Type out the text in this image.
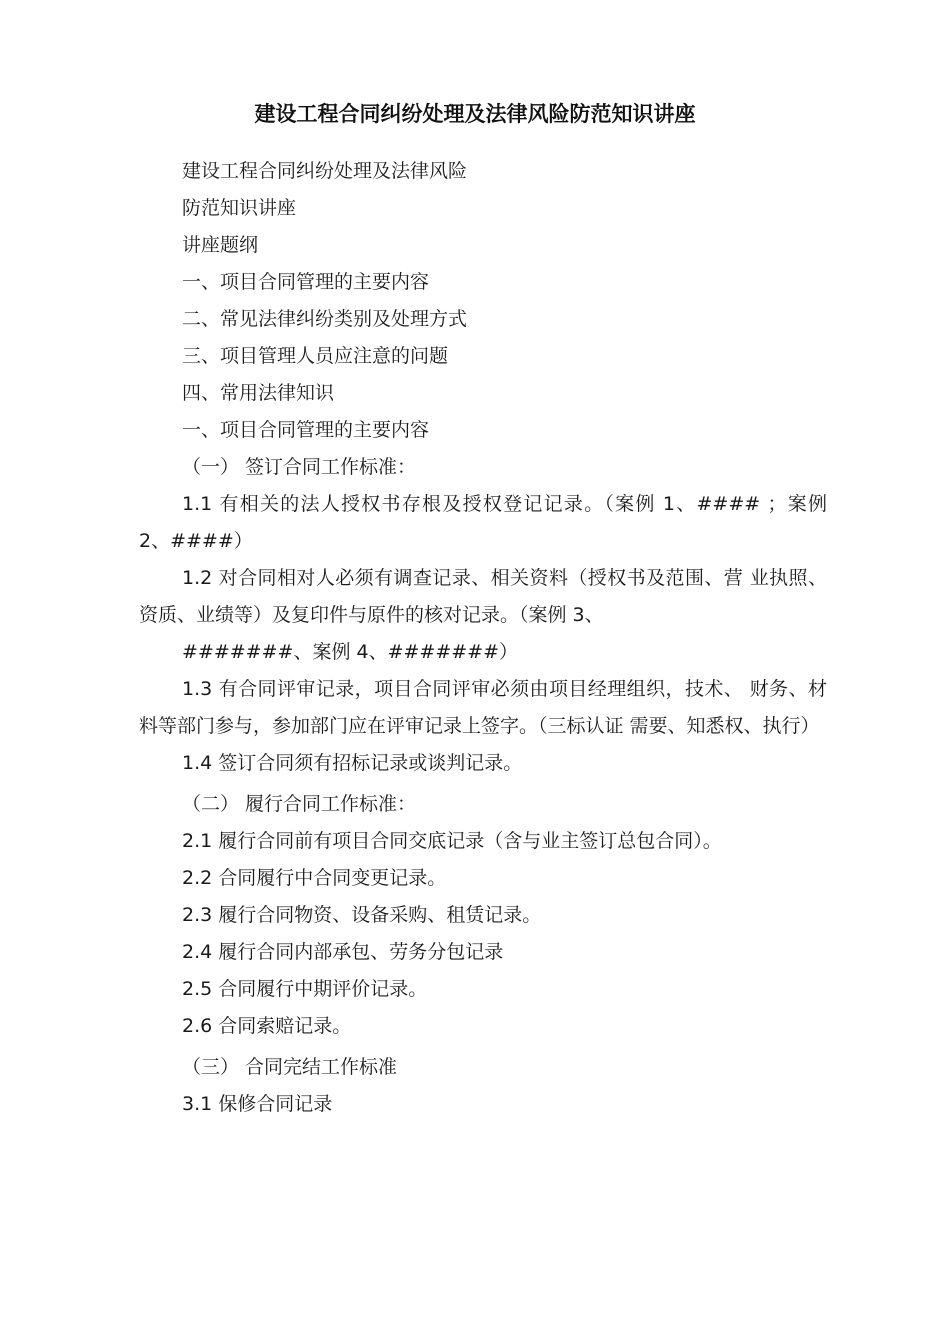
建设工程合同纠纷处理及法律风险防范知识讲座

建设工程合同纠纷处理及法律风险

防范知识讲座

讲座题纲

一、项目合同管理的主要内容

二、常见法律纠纷类别及处理方式

三、项目管理人员应注意的问题

四、常用法律知识

一、项目合同管理的主要内容

（一） 签订合同工作标准：

1.1 有相关的法人授权书存根及授权登记记录。（案例 1、#### ；案例 2、####）

1.2 对合同相对人必须有调查记录、相关资料（授权书及范围、营 业执照、资质、业绩等）及复印件与原件的核对记录。（案例 3、

#######、案例 4、#######）

1.3 有合同评审记录，项目合同评审必须由项目经理组织，技术、 财务、材料等部门参与，参加部门应在评审记录上签字。（三标认证 需要、知悉权、执行）

1.4 签订合同须有招标记录或谈判记录。

（二） 履行合同工作标准：

2.1 履行合同前有项目合同交底记录（含与业主签订总包合同）。

2.2 合同履行中合同变更记录。

2.3 履行合同物资、设备采购、租赁记录。

2.4 履行合同内部承包、劳务分包记录

2.5 合同履行中期评价记录。

2.6 合同索赔记录。

（三） 合同完结工作标准

3.1 保修合同记录
